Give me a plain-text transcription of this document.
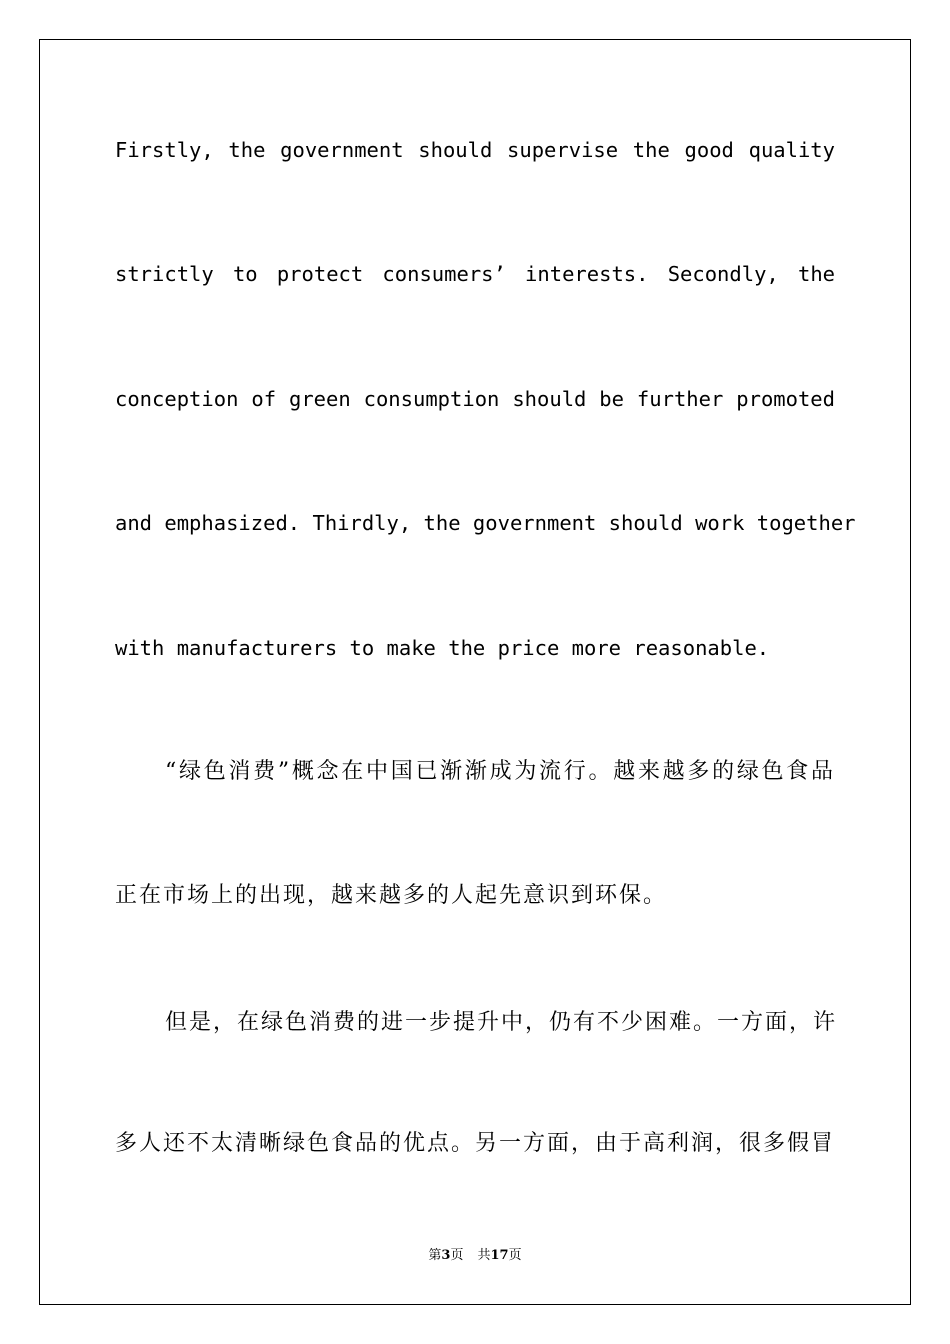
Firstly, the government should supervise the good quality
strictly to protect consumers’ interests. Secondly, the
conception of green consumption should be further promoted
and emphasized. Thirdly, the government should work together
with manufacturers to make the price more reasonable.
“绿色消费”概念在中国已渐渐成为流行。越来越多的绿色食品
正在市场上的出现，越来越多的人起先意识到环保。
但是，在绿色消费的进一步提升中，仍有不少困难。一方面，许
多人还不太清晰绿色食品的优点。另一方面，由于高利润，很多假冒
第3页 共17页
